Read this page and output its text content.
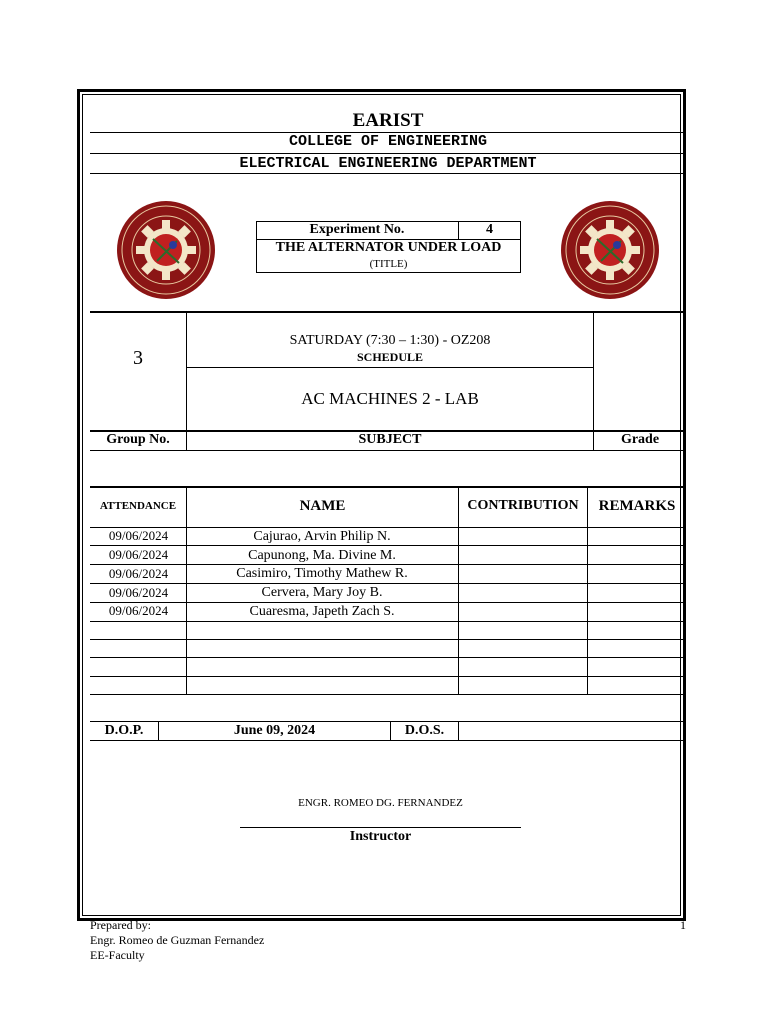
EARIST
COLLEGE OF ENGINEERING
ELECTRICAL ENGINEERING DEPARTMENT
Experiment No.	4
THE ALTERNATOR UNDER LOAD
(TITLE)
3
SATURDAY (7:30 – 1:30) - OZ208
SCHEDULE
AC MACHINES 2 - LAB
Group No.	SUBJECT	Grade
ATTENDANCE	NAME	CONTRIBUTION	REMARKS
09/06/2024	Cajurao, Arvin Philip N.
09/06/2024	Capunong, Ma. Divine M.
09/06/2024	Casimiro, Timothy Mathew R.
09/06/2024	Cervera, Mary Joy B.
09/06/2024	Cuaresma, Japeth Zach S.
D.O.P.	June 09, 2024	D.O.S.
ENGR. ROMEO DG. FERNANDEZ
Instructor
Prepared by:
Engr. Romeo de Guzman Fernandez
EE-Faculty
1
